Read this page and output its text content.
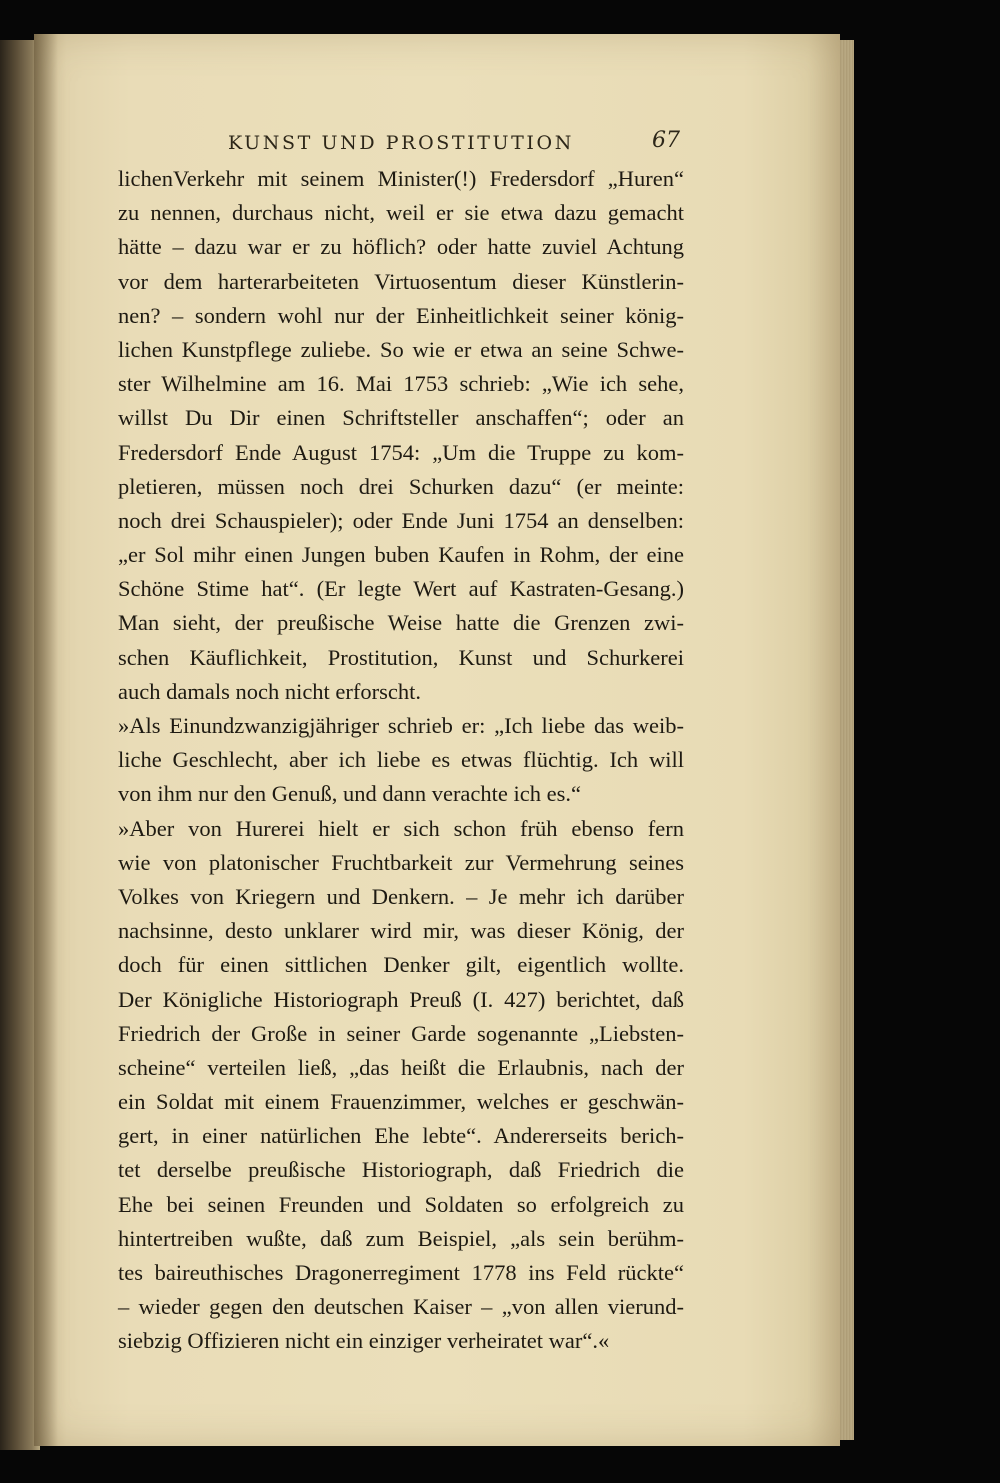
KUNST UND PROSTITUTION	67

lichenVerkehr mit seinem Minister(!) Fredersdorf „Huren“
zu nennen, durchaus nicht, weil er sie etwa dazu gemacht
hätte – dazu war er zu höflich? oder hatte zuviel Achtung
vor dem harterarbeiteten Virtuosentum dieser Künstlerin-
nen? – sondern wohl nur der Einheitlichkeit seiner könig-
lichen Kunstpflege zuliebe. So wie er etwa an seine Schwe-
ster Wilhelmine am 16. Mai 1753 schrieb: „Wie ich sehe,
willst Du Dir einen Schriftsteller anschaffen“; oder an
Fredersdorf Ende August 1754: „Um die Truppe zu kom-
pletieren, müssen noch drei Schurken dazu“ (er meinte:
noch drei Schauspieler); oder Ende Juni 1754 an denselben:
„er Sol mihr einen Jungen buben Kaufen in Rohm, der eine
Schöne Stime hat“. (Er legte Wert auf Kastraten-Gesang.)
Man sieht, der preußische Weise hatte die Grenzen zwi-
schen Käuflichkeit, Prostitution, Kunst und Schurkerei
auch damals noch nicht erforscht.
»Als Einundzwanzigjähriger schrieb er: „Ich liebe das weib-
liche Geschlecht, aber ich liebe es etwas flüchtig. Ich will
von ihm nur den Genuß, und dann verachte ich es.“
»Aber von Hurerei hielt er sich schon früh ebenso fern
wie von platonischer Fruchtbarkeit zur Vermehrung seines
Volkes von Kriegern und Denkern. – Je mehr ich darüber
nachsinne, desto unklarer wird mir, was dieser König, der
doch für einen sittlichen Denker gilt, eigentlich wollte.
Der Königliche Historiograph Preuß (I. 427) berichtet, daß
Friedrich der Große in seiner Garde sogenannte „Liebsten-
scheine“ verteilen ließ, „das heißt die Erlaubnis, nach der
ein Soldat mit einem Frauenzimmer, welches er geschwän-
gert, in einer natürlichen Ehe lebte“. Andererseits berich-
tet derselbe preußische Historiograph, daß Friedrich die
Ehe bei seinen Freunden und Soldaten so erfolgreich zu
hintertreiben wußte, daß zum Beispiel, „als sein berühm-
tes baireuthisches Dragonerregiment 1778 ins Feld rückte“
– wieder gegen den deutschen Kaiser – „von allen vierund-
siebzig Offizieren nicht ein einziger verheiratet war“.«
